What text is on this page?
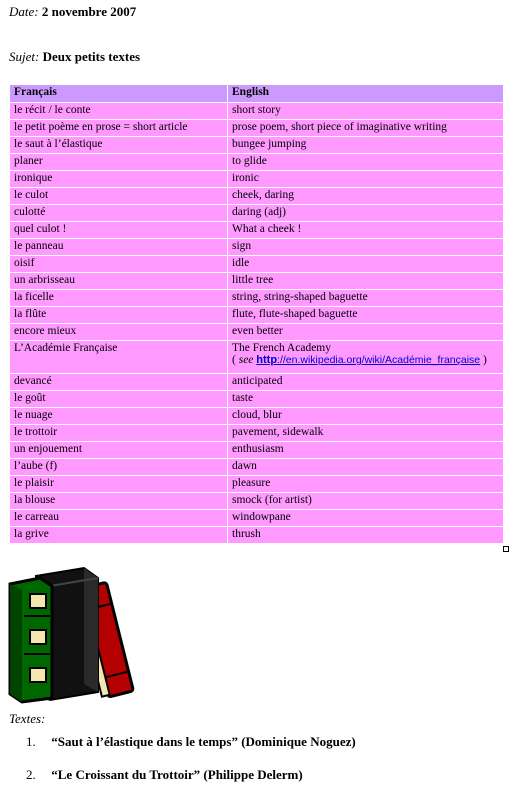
Date: 2 novembre 2007
Sujet: Deux petits textes
Français	English
le récit / le conte	short story
le petit poème en prose = short article	prose poem, short piece of imaginative writing
le saut à l’élastique	bungee jumping
planer	to glide
ironique	ironic
le culot	cheek, daring
culotté	daring (adj)
quel culot !	What a cheek !
le panneau	sign
oisif	idle
un arbrisseau	little tree
la ficelle	string, string-shaped baguette
la flûte	flute, flute-shaped baguette
encore mieux	even better
L’Académie Française	The French Academy
( see http://en.wikipedia.org/wiki/Académie_française )
devancé	anticipated
le goût	taste
le nuage	cloud, blur
le trottoir	pavement, sidewalk
un enjouement	enthusiasm
l’aube (f)	dawn
le plaisir	pleasure
la blouse	smock (for artist)
le carreau	windowpane
la grive	thrush
Textes:
1. “Saut à l’élastique dans le temps” (Dominique Noguez)
2. “Le Croissant du Trottoir” (Philippe Delerm)
